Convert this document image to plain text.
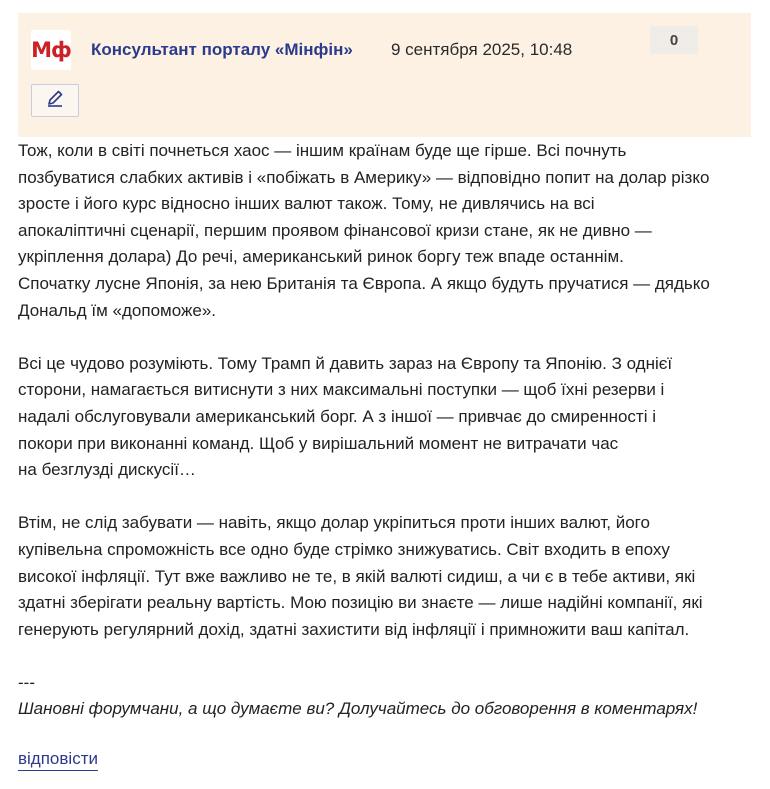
Мф Консультант порталу «Мінфін» 9 сентября 2025, 10:48	0

Тож, коли в світі почнеться хаос — іншим країнам буде ще гірше. Всі почнуть
позбуватися слабких активів і «побіжать в Америку» — відповідно попит на долар різко
зросте і його курс відносно інших валют також. Тому, не дивлячись на всі
апокаліптичні сценарії, першим проявом фінансової кризи стане, як не дивно —
укріплення долара) До речі, американський ринок боргу теж впаде останнім.
Спочатку лусне Японія, за нею Британія та Європа. А якщо будуть пручатися — дядько
Дональд їм «допоможе».

Всі це чудово розуміють. Тому Трамп й давить зараз на Європу та Японію. З однієї
сторони, намагається витиснути з них максимальні поступки — щоб їхні резерви і
надалі обслуговували американський борг. А з іншої — привчає до смиренності і
покори при виконанні команд. Щоб у вирішальний момент не витрачати час
на безглузді дискусії…

Втім, не слід забувати — навіть, якщо долар укріпиться проти інших валют, його
купівельна спроможність все одно буде стрімко знижуватись. Світ входить в епоху
високої інфляції. Тут вже важливо не те, в якій валюті сидиш, а чи є в тебе активи, які
здатні зберігати реальну вартість. Мою позицію ви знаєте — лише надійні компанії, які
генерують регулярний дохід, здатні захистити від інфляції і примножити ваш капітал.

---
Шановні форумчани, а що думаєте ви? Долучайтесь до обговорення в коментарях!
відповісти
